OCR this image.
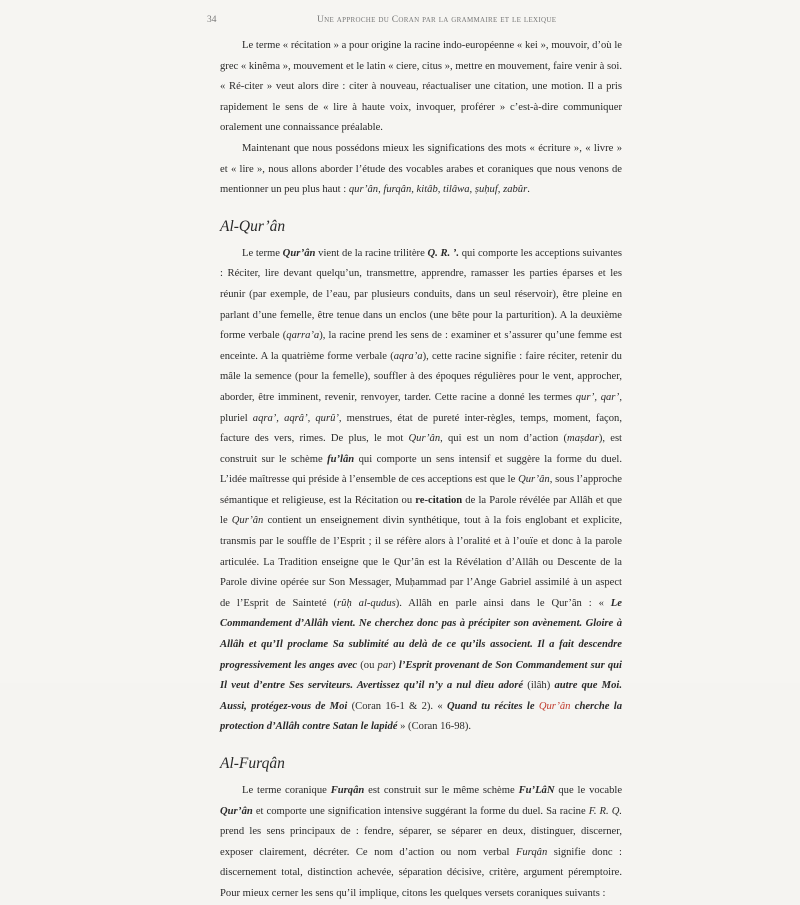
34	Une approche du Coran par la grammaire et le lexique

Le terme « récitation » a pour origine la racine indo-européenne « kei », mouvoir, d’où le grec « kinêma », mouvement et le latin « ciere, citus », mettre en mouvement, faire venir à soi. « Ré-citer » veut alors dire : citer à nouveau, réactualiser une citation, une motion. Il a pris rapidement le sens de « lire à haute voix, invoquer, proférer » c’est-à-dire communiquer oralement une connaissance préalable.

Maintenant que nous possédons mieux les significations des mots « écriture », « livre » et « lire », nous allons aborder l’étude des vocables arabes et coraniques que nous venons de mentionner un peu plus haut : qur’ân, furqân, kitâb, tilâwa, ṣuḥuf, zabûr.

Al-Qur’ân

Le terme Qur’ân vient de la racine trilitère Q. R. ’. qui comporte les acceptions suivantes : Réciter, lire devant quelqu’un, transmettre, apprendre, ramasser les parties éparses et les réunir (par exemple, de l’eau, par plusieurs conduits, dans un seul réservoir), être pleine en parlant d’une femelle, être tenue dans un enclos (une bête pour la parturition). A la deuxième forme verbale (qarra’a), la racine prend les sens de : examiner et s’assurer qu’une femme est enceinte. A la quatrième forme verbale (aqra’a), cette racine signifie : faire réciter, retenir du mâle la semence (pour la femelle), souffler à des époques régulières pour le vent, approcher, aborder, être imminent, revenir, renvoyer, tarder. Cette racine a donné les termes qur’, qar’, pluriel aqra’, aqrâ’, qurû’, menstrues, état de pureté inter-règles, temps, moment, façon, facture des vers, rimes. De plus, le mot Qur’ân, qui est un nom d’action (maṣdar), est construit sur le schème fu’lân qui comporte un sens intensif et suggère la forme du duel. L’idée maîtresse qui préside à l’ensemble de ces acceptions est que le Qur’ân, sous l’approche sémantique et religieuse, est la Récitation ou re-citation de la Parole révélée par Allâh et que le Qur’ân contient un enseignement divin synthétique, tout à la fois englobant et explicite, transmis par le souffle de l’Esprit ; il se réfère alors à l’oralité et à l’ouïe et donc à la parole articulée. La Tradition enseigne que le Qur’ân est la Révélation d’Allâh ou Descente de la Parole divine opérée sur Son Messager, Muḥammad par l’Ange Gabriel assimilé à un aspect de l’Esprit de Sainteté (rûḥ al-qudus). Allâh en parle ainsi dans le Qur’ân : « Le Commandement d’Allâh vient. Ne cherchez donc pas à précipiter son avènement. Gloire à Allâh et qu’Il proclame Sa sublimité au delà de ce qu’ils associent. Il a fait descendre progressivement les anges avec (ou par) l’Esprit provenant de Son Commandement sur qui Il veut d’entre Ses serviteurs. Avertissez qu’il n’y a nul dieu adoré (ilâh) autre que Moi. Aussi, protégez-vous de Moi (Coran 16-1 & 2). « Quand tu récites le Qur’ân cherche la protection d’Allâh contre Satan le lapidé » (Coran 16-98).

Al-Furqân

Le terme coranique Furqân est construit sur le même schème Fu’LâN que le vocable Qur’ân et comporte une signification intensive suggérant la forme du duel. Sa racine F. R. Q. prend les sens principaux de : fendre, séparer, se séparer en deux, distinguer, discerner, exposer clairement, décréter. Ce nom d’action ou nom verbal Furqân signifie donc : discernement total, distinction achevée, séparation décisive, critère, argument péremptoire. Pour mieux cerner les sens qu’il implique, citons les quelques versets coraniques suivants :
